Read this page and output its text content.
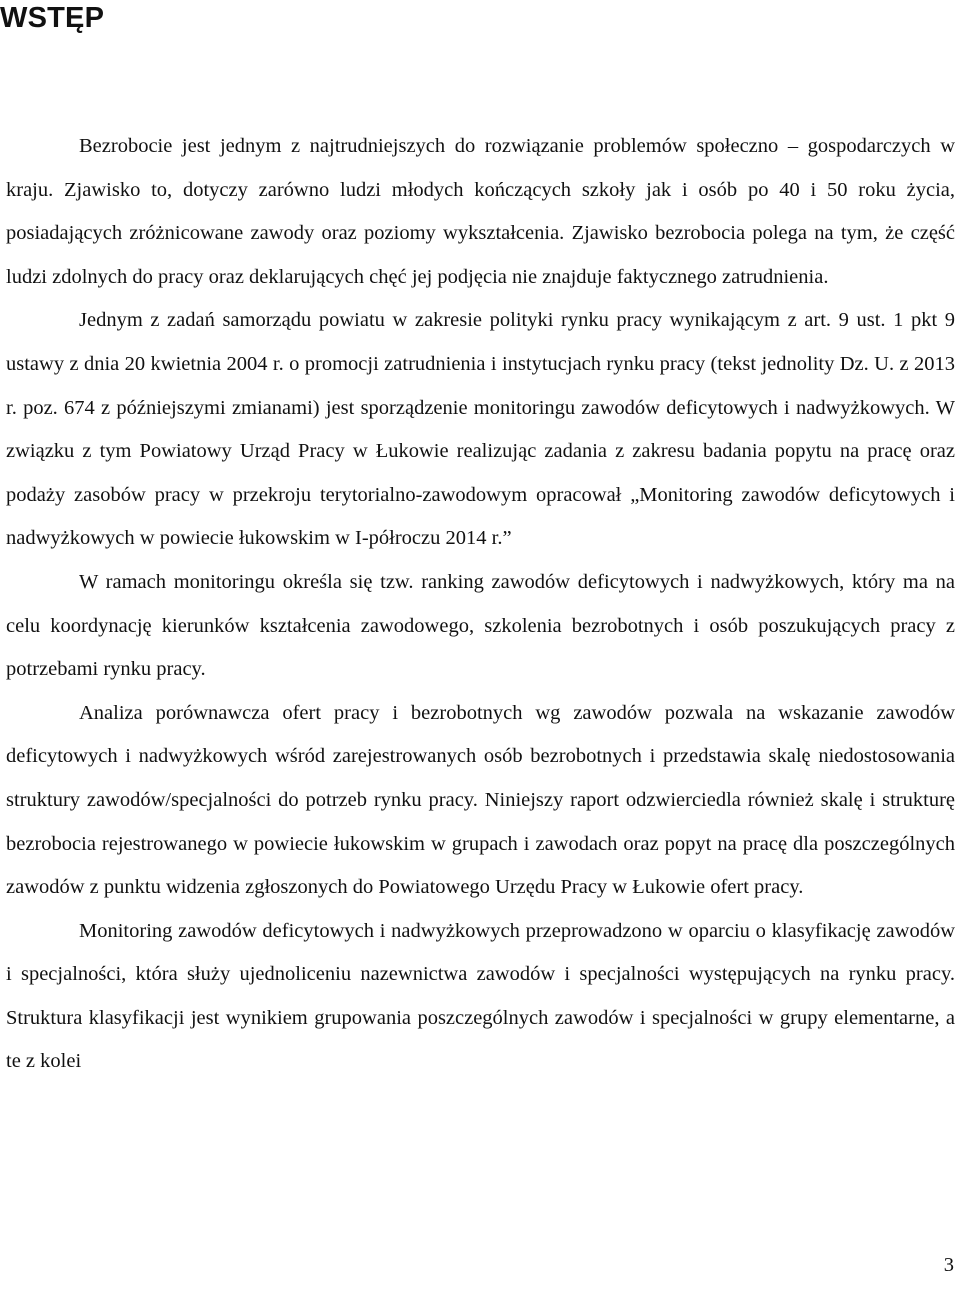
WSTĘP

Bezrobocie jest jednym z najtrudniejszych do rozwiązanie problemów społeczno – gospodarczych w kraju. Zjawisko to, dotyczy zarówno ludzi młodych kończących szkoły jak i osób po 40 i 50 roku życia, posiadających zróżnicowane zawody oraz poziomy wykształcenia. Zjawisko bezrobocia polega na tym, że część ludzi zdolnych do pracy oraz deklarujących chęć jej podjęcia nie znajduje faktycznego zatrudnienia.

Jednym z zadań samorządu powiatu w zakresie polityki rynku pracy wynikającym z art. 9 ust. 1 pkt 9 ustawy z dnia 20 kwietnia 2004 r. o promocji zatrudnienia i instytucjach rynku pracy (tekst jednolity Dz. U. z 2013 r. poz. 674 z późniejszymi zmianami) jest sporządzenie monitoringu zawodów deficytowych i nadwyżkowych. W związku z tym Powiatowy Urząd Pracy w Łukowie realizując zadania z zakresu badania popytu na pracę oraz podaży zasobów pracy w przekroju terytorialno-zawodowym opracował „Monitoring zawodów deficytowych i nadwyżkowych w powiecie łukowskim w I-półroczu 2014 r.”

W ramach monitoringu określa się tzw. ranking zawodów deficytowych i nadwyżkowych, który ma na celu koordynację kierunków kształcenia zawodowego, szkolenia bezrobotnych i osób poszukujących pracy z potrzebami rynku pracy.

Analiza porównawcza ofert pracy i bezrobotnych wg zawodów pozwala na wskazanie zawodów deficytowych i nadwyżkowych wśród zarejestrowanych osób bezrobotnych i przedstawia skalę niedostosowania struktury zawodów/specjalności do potrzeb rynku pracy. Niniejszy raport odzwierciedla również skalę i strukturę bezrobocia rejestrowanego w powiecie łukowskim w grupach i zawodach oraz popyt na pracę dla poszczególnych zawodów z punktu widzenia zgłoszonych do Powiatowego Urzędu Pracy w Łukowie ofert pracy.

Monitoring zawodów deficytowych i nadwyżkowych przeprowadzono w oparciu o klasyfikację zawodów i specjalności, która służy ujednoliceniu nazewnictwa zawodów i specjalności występujących na rynku pracy. Struktura klasyfikacji jest wynikiem grupowania poszczególnych zawodów i specjalności w grupy elementarne, a te z kolei

3
